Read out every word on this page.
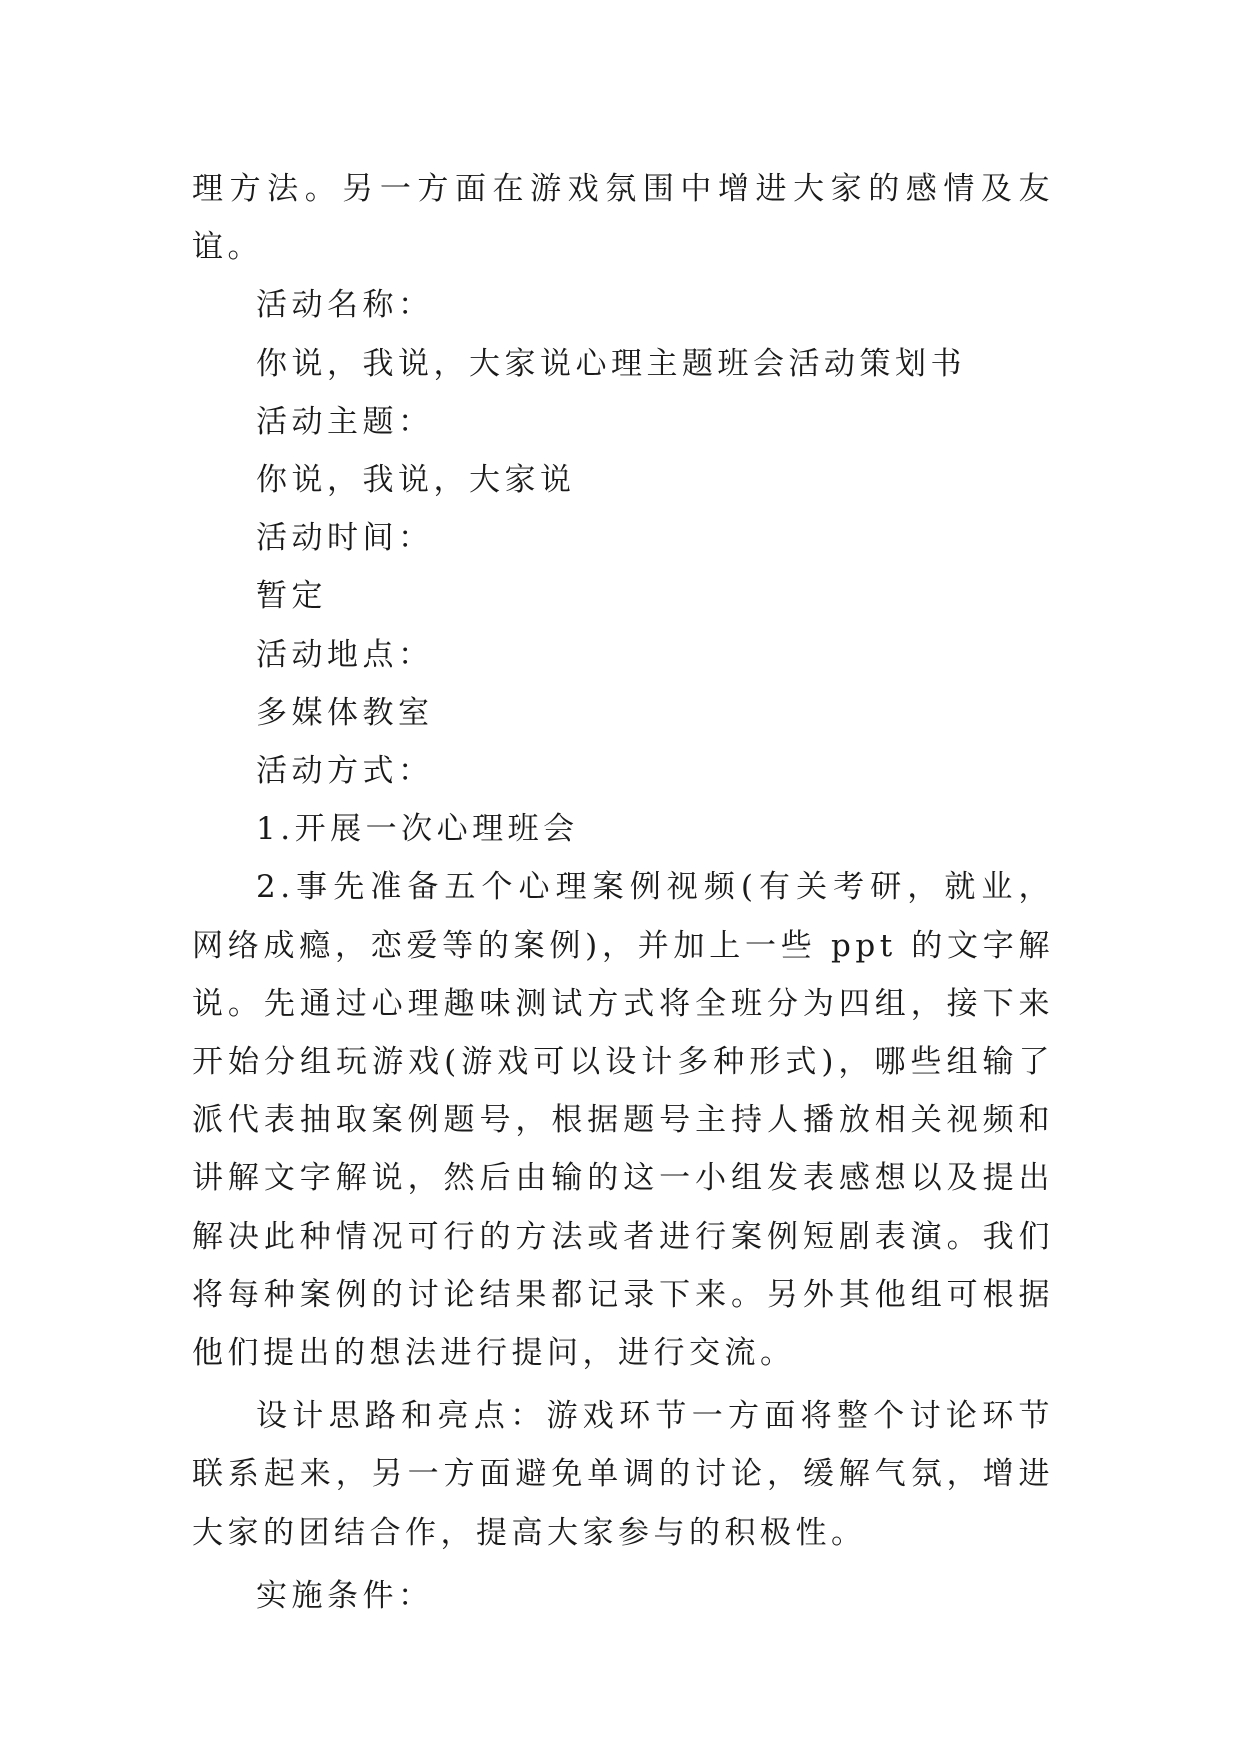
理方法。另一方面在游戏氛围中增进大家的感情及友谊。

活动名称：

你说，我说，大家说心理主题班会活动策划书

活动主题：

你说，我说，大家说

活动时间：

暂定

活动地点：

多媒体教室

活动方式：

1.开展一次心理班会

2.事先准备五个心理案例视频(有关考研，就业，网络成瘾，恋爱等的案例)，并加上一些 ppt 的文字解说。先通过心理趣味测试方式将全班分为四组，接下来开始分组玩游戏(游戏可以设计多种形式)，哪些组输了派代表抽取案例题号，根据题号主持人播放相关视频和讲解文字解说，然后由输的这一小组发表感想以及提出解决此种情况可行的方法或者进行案例短剧表演。我们将每种案例的讨论结果都记录下来。另外其他组可根据他们提出的想法进行提问，进行交流。

设计思路和亮点：游戏环节一方面将整个讨论环节联系起来，另一方面避免单调的讨论，缓解气氛，增进大家的团结合作，提高大家参与的积极性。

实施条件：
